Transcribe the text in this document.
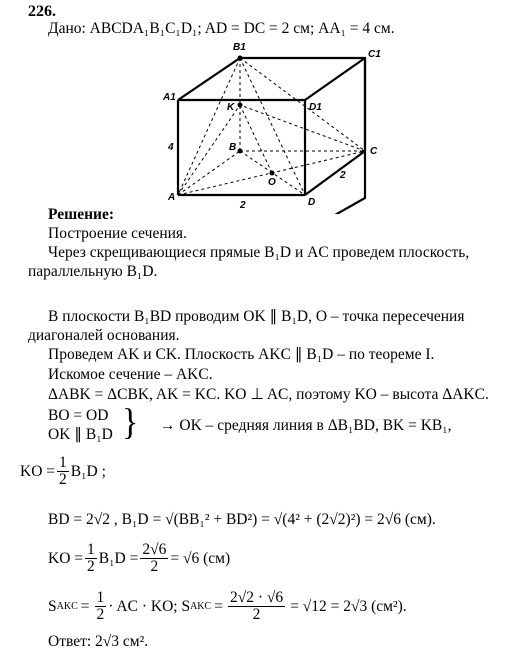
226.
Дано: ABCDA₁B₁C₁D₁; AD = DC = 2 см; AA₁ = 4 см.
B1
C1
A1
D1
K
B	C
O
A	D
4
2
2
Решение:
Построение сечения.
Через скрещивающиеся прямые B₁D и AC проведем плоскость,
параллельную B₁D.
В плоскости B₁BD проводим OK ∥ B₁D, O – точка пересечения
диагоналей основания.
Проведем AK и CK. Плоскость AKC ∥ B₁D – по теореме I.
Искомое сечение – AKC.
ΔABK = ΔCBK, AK = KC. KO ⊥ AC, поэтому KO – высота ΔAKC.
BO = OD
OK ∥ B₁D } → OK – средняя линия в ΔB₁BD, BK = KB₁,
KO = $\frac{1}{2} B_1D$ ;
BD = 2√2 , B₁D = √(BB₁² + BD²) = √(4² + (2√2)²) = 2√6 (см).
KO = $\frac{1}{2} B_1D = \frac{2√6}{2} = √6$ (см)
S AKC = $\frac{1}{2}$ · AC · KO; S AKC = $\frac{2√2 \cdot √6}{2} = √12 = 2√3$ (см²).
Ответ: 2√3 см².
